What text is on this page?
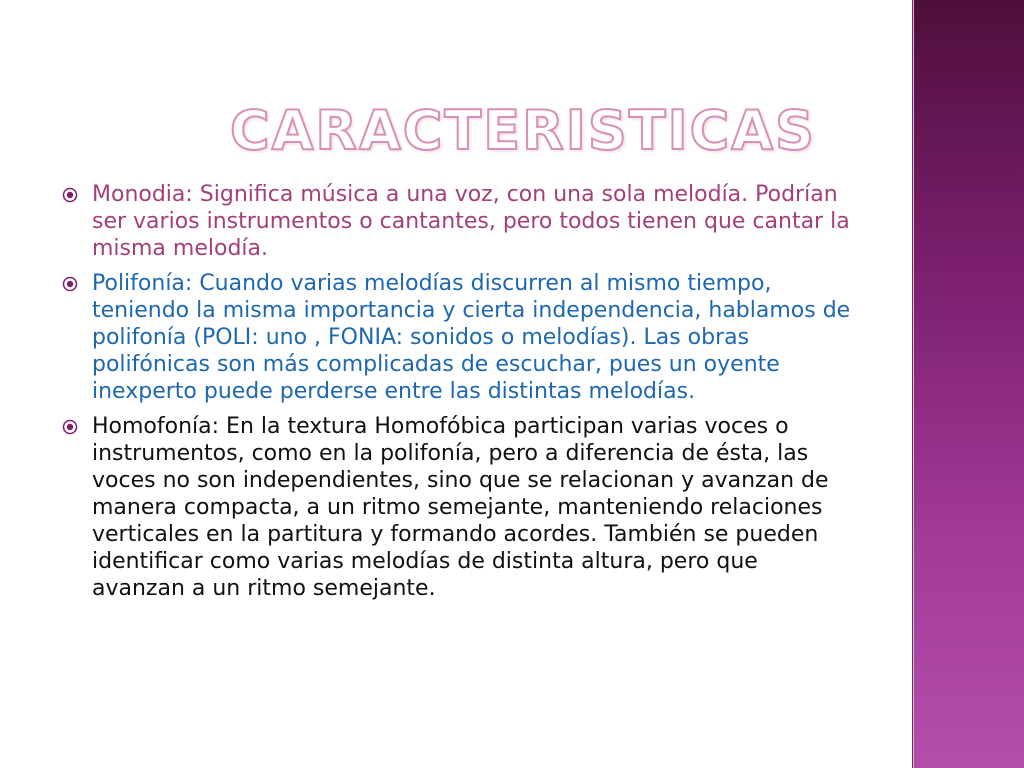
CARACTERISTICAS
Monodia: Significa música a una voz, con una sola melodía. Podrían ser varios instrumentos o cantantes, pero todos tienen que cantar la misma melodía.
Polifonía: Cuando varias melodías discurren al mismo tiempo, teniendo la misma importancia y cierta independencia, hablamos de polifonía (POLI: uno , FONIA: sonidos o melodías). Las obras polifónicas son más complicadas de escuchar, pues un oyente inexperto puede perderse entre las distintas melodías.
Homofonía: En la textura Homofóbica participan varias voces o instrumentos, como en la polifonía, pero a diferencia de ésta, las voces no son independientes, sino que se relacionan y avanzan de manera compacta, a un ritmo semejante, manteniendo relaciones verticales en la partitura y formando acordes. También se pueden identificar como varias melodías de distinta altura, pero que avanzan a un ritmo semejante.
